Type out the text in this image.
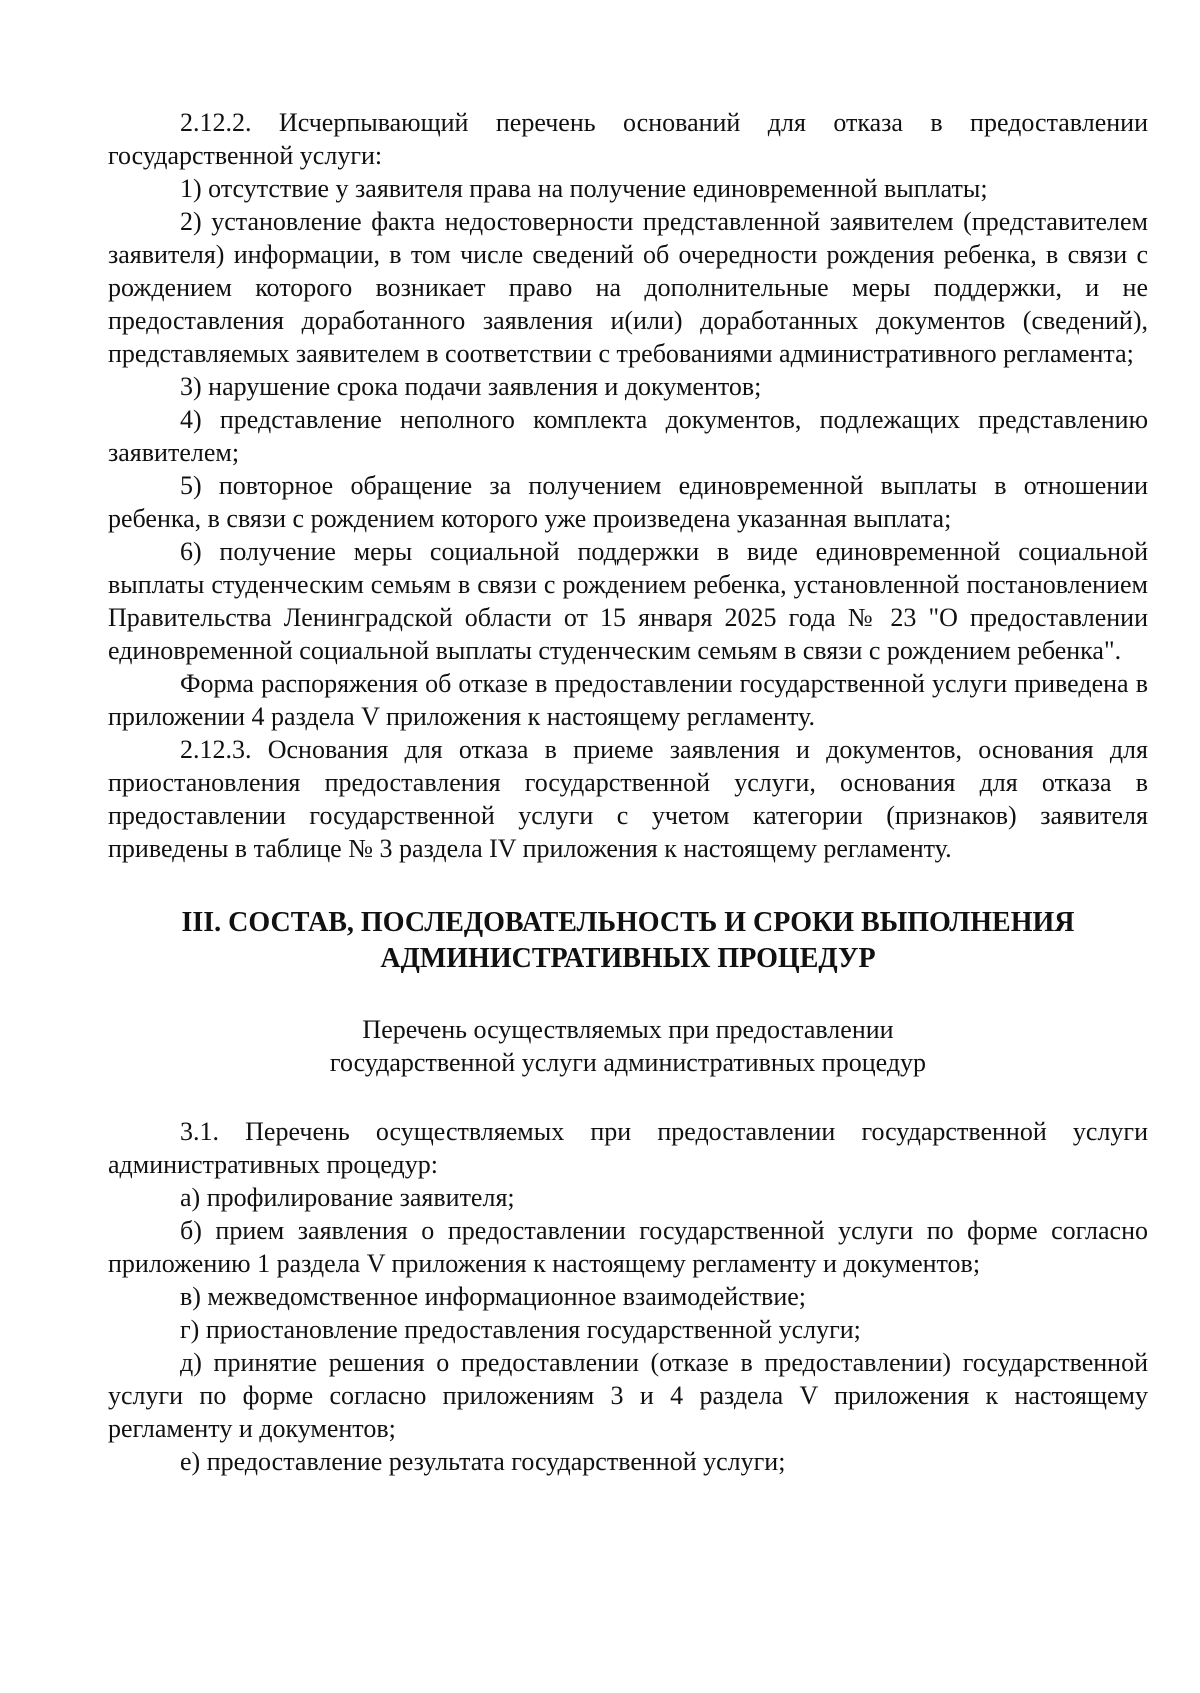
2.12.2. Исчерпывающий перечень оснований для отказа в предоставлении государственной услуги:

1) отсутствие у заявителя права на получение единовременной выплаты;

2) установление факта недостоверности представленной заявителем (представителем заявителя) информации, в том числе сведений об очередности рождения ребенка, в связи с рождением которого возникает право на дополнительные меры поддержки, и не предоставления доработанного заявления и(или) доработанных документов (сведений), представляемых заявителем в соответствии с требованиями административного регламента;

3) нарушение срока подачи заявления и документов;

4) представление неполного комплекта документов, подлежащих представлению заявителем;

5) повторное обращение за получением единовременной выплаты в отношении ребенка, в связи с рождением которого уже произведена указанная выплата;

6) получение меры социальной поддержки в виде единовременной социальной выплаты студенческим семьям в связи с рождением ребенка, установленной постановлением Правительства Ленинградской области от 15 января 2025 года № 23 "О предоставлении единовременной социальной выплаты студенческим семьям в связи с рождением ребенка".

Форма распоряжения об отказе в предоставлении государственной услуги приведена в приложении 4 раздела V приложения к настоящему регламенту.

2.12.3. Основания для отказа в приеме заявления и документов, основания для приостановления предоставления государственной услуги, основания для отказа в предоставлении государственной услуги с учетом категории (признаков) заявителя приведены в таблице № 3 раздела IV приложения к настоящему регламенту.

III. СОСТАВ, ПОСЛЕДОВАТЕЛЬНОСТЬ И СРОКИ ВЫПОЛНЕНИЯ
АДМИНИСТРАТИВНЫХ ПРОЦЕДУР
Перечень осуществляемых при предоставлении
государственной услуги административных процедур

3.1. Перечень осуществляемых при предоставлении государственной услуги административных процедур:

а) профилирование заявителя;

б) прием заявления о предоставлении государственной услуги по форме согласно приложению 1 раздела V приложения к настоящему регламенту и документов;

в) межведомственное информационное взаимодействие;

г) приостановление предоставления государственной услуги;

д) принятие решения о предоставлении (отказе в предоставлении) государственной услуги по форме согласно приложениям 3 и 4 раздела V приложения к настоящему регламенту и документов;

е) предоставление результата государственной услуги;
